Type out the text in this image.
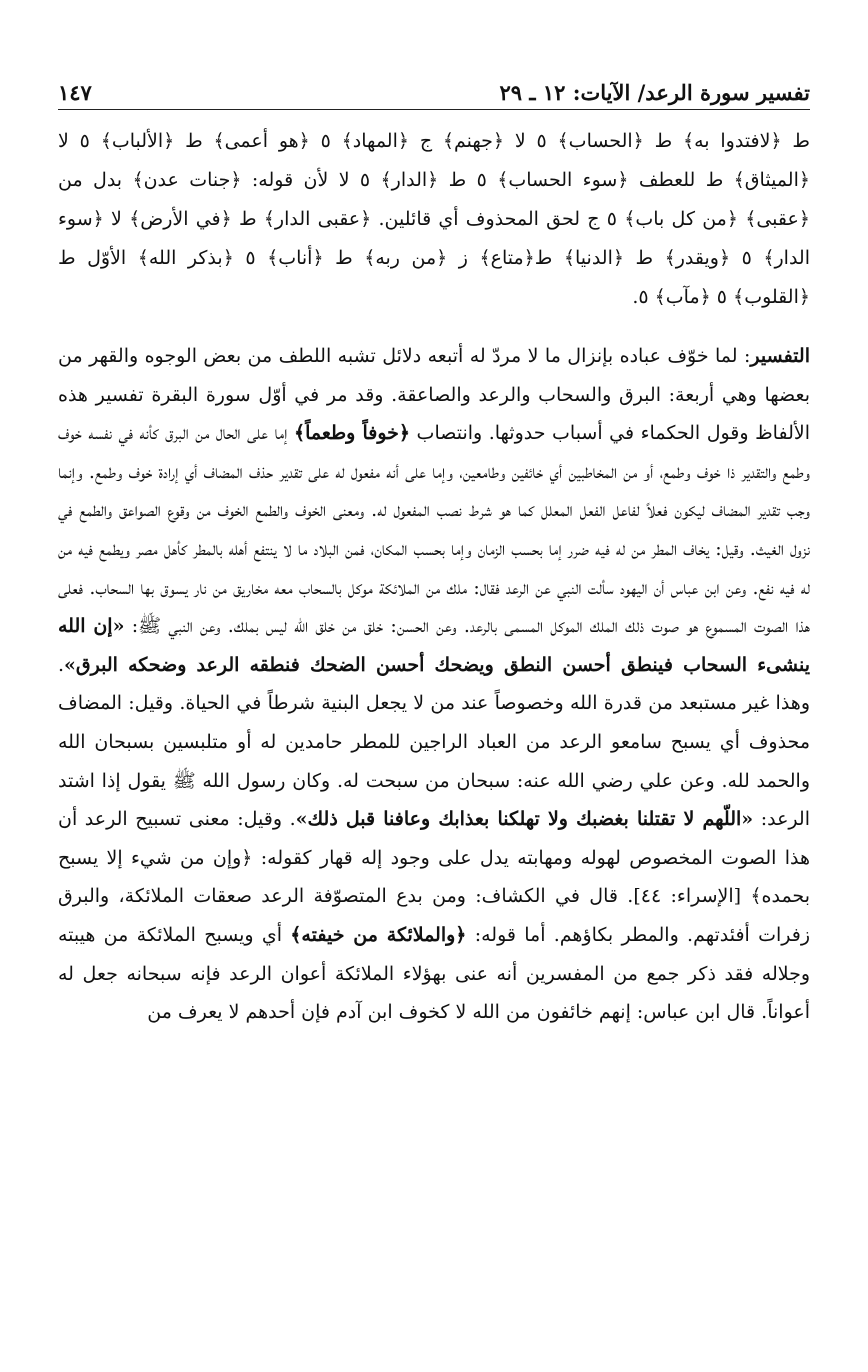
تفسير سورة الرعد/ الآيات: ١٢ ـ ٢٩
١٤٧

ط ﴿لافتدوا به﴾ ط ﴿الحساب﴾ ٥ لا ﴿جهنم﴾ ج ﴿المهاد﴾ ٥ ﴿هو أعمى﴾ ط ﴿الألباب﴾ ٥ لا ﴿الميثاق﴾ ط للعطف ﴿سوء الحساب﴾ ٥ ط ﴿الدار﴾ ٥ لا لأن قوله: ﴿جنات عدن﴾ بدل من ﴿عقبى﴾ ﴿من كل باب﴾ ٥ ج لحق المحذوف أي قائلين. ﴿عقبى الدار﴾ ط ﴿في الأرض﴾ لا ﴿سوء الدار﴾ ٥ ﴿ويقدر﴾ ط ﴿الدنيا﴾ ط﴿متاع﴾ ز ﴿من ربه﴾ ط ﴿أناب﴾ ٥ ﴿بذكر الله﴾ الأوّل ط ﴿القلوب﴾ ٥ ﴿مآب﴾ ٥.

التفسير: لما خوّف عباده بإنزال ما لا مردّ له أتبعه دلائل تشبه اللطف من بعض الوجوه والقهر من بعضها وهي أربعة: البرق والسحاب والرعد والصاعقة. وقد مر في أوّل سورة البقرة تفسير هذه الألفاظ وقول الحكماء في أسباب حدوثها. وانتصاب ﴿خوفاً وطعماً﴾ إما على الحال من البرق كأنه في نفسه خوف وطمع والتقدير ذا خوف وطمع، أو من المخاطبين أي خائفين وطامعين، وإما على أنه مفعول له على تقدير حذف المضاف أي إرادة خوف وطمع. وإنما وجب تقدير المضاف ليكون فعلاً لفاعل الفعل المعلل كما هو شرط نصب المفعول له. ومعنى الخوف والطمع الخوف من وقوع الصواعق والطمع في نزول الغيث. وقيل: يخاف المطر من له فيه ضرر إما بحسب الزمان وإما بحسب المكان، فمن البلاد ما لا ينتفع أهله بالمطر كأهل مصر ويطمع فيه من له فيه نفع. وعن ابن عباس أن اليهود سألت النبي عن الرعد فقال: ملك من الملائكة موكل بالسحاب معه مخاريق من نار يسوق بها السحاب. فعلى هذا الصوت المسموع هو صوت ذلك الملك الموكل المسمى بالرعد. وعن الحسن: خلق من خلق الله ليس بملك. وعن النبي ﷺ: «إن الله ينشىء السحاب فينطق أحسن النطق ويضحك أحسن الضحك فنطقه الرعد وضحكه البرق». وهذا غير مستبعد من قدرة الله وخصوصاً عند من لا يجعل البنية شرطاً في الحياة. وقيل: المضاف محذوف أي يسبح سامعو الرعد من العباد الراجين للمطر حامدين له أو متلبسين بسبحان الله والحمد لله. وعن علي رضي الله عنه: سبحان من سبحت له. وكان رسول الله ﷺ يقول إذا اشتد الرعد: «اللّهم لا تقتلنا بغضبك ولا تهلكنا بعذابك وعافنا قبل ذلك». وقيل: معنى تسبيح الرعد أن هذا الصوت المخصوص لهوله ومهابته يدل على وجود إله قهار كقوله: ﴿وإن من شيء إلا يسبح بحمده﴾ [الإسراء: ٤٤]. قال في الكشاف: ومن بدع المتصوّفة الرعد صعقات الملائكة، والبرق زفرات أفئدتهم. والمطر بكاؤهم. أما قوله: ﴿والملائكة من خيفته﴾ أي ويسبح الملائكة من هيبته وجلاله فقد ذكر جمع من المفسرين أنه عنى بهؤلاء الملائكة أعوان الرعد فإنه سبحانه جعل له أعواناً. قال ابن عباس: إنهم خائفون من الله لا كخوف ابن آدم فإن أحدهم لا يعرف من
